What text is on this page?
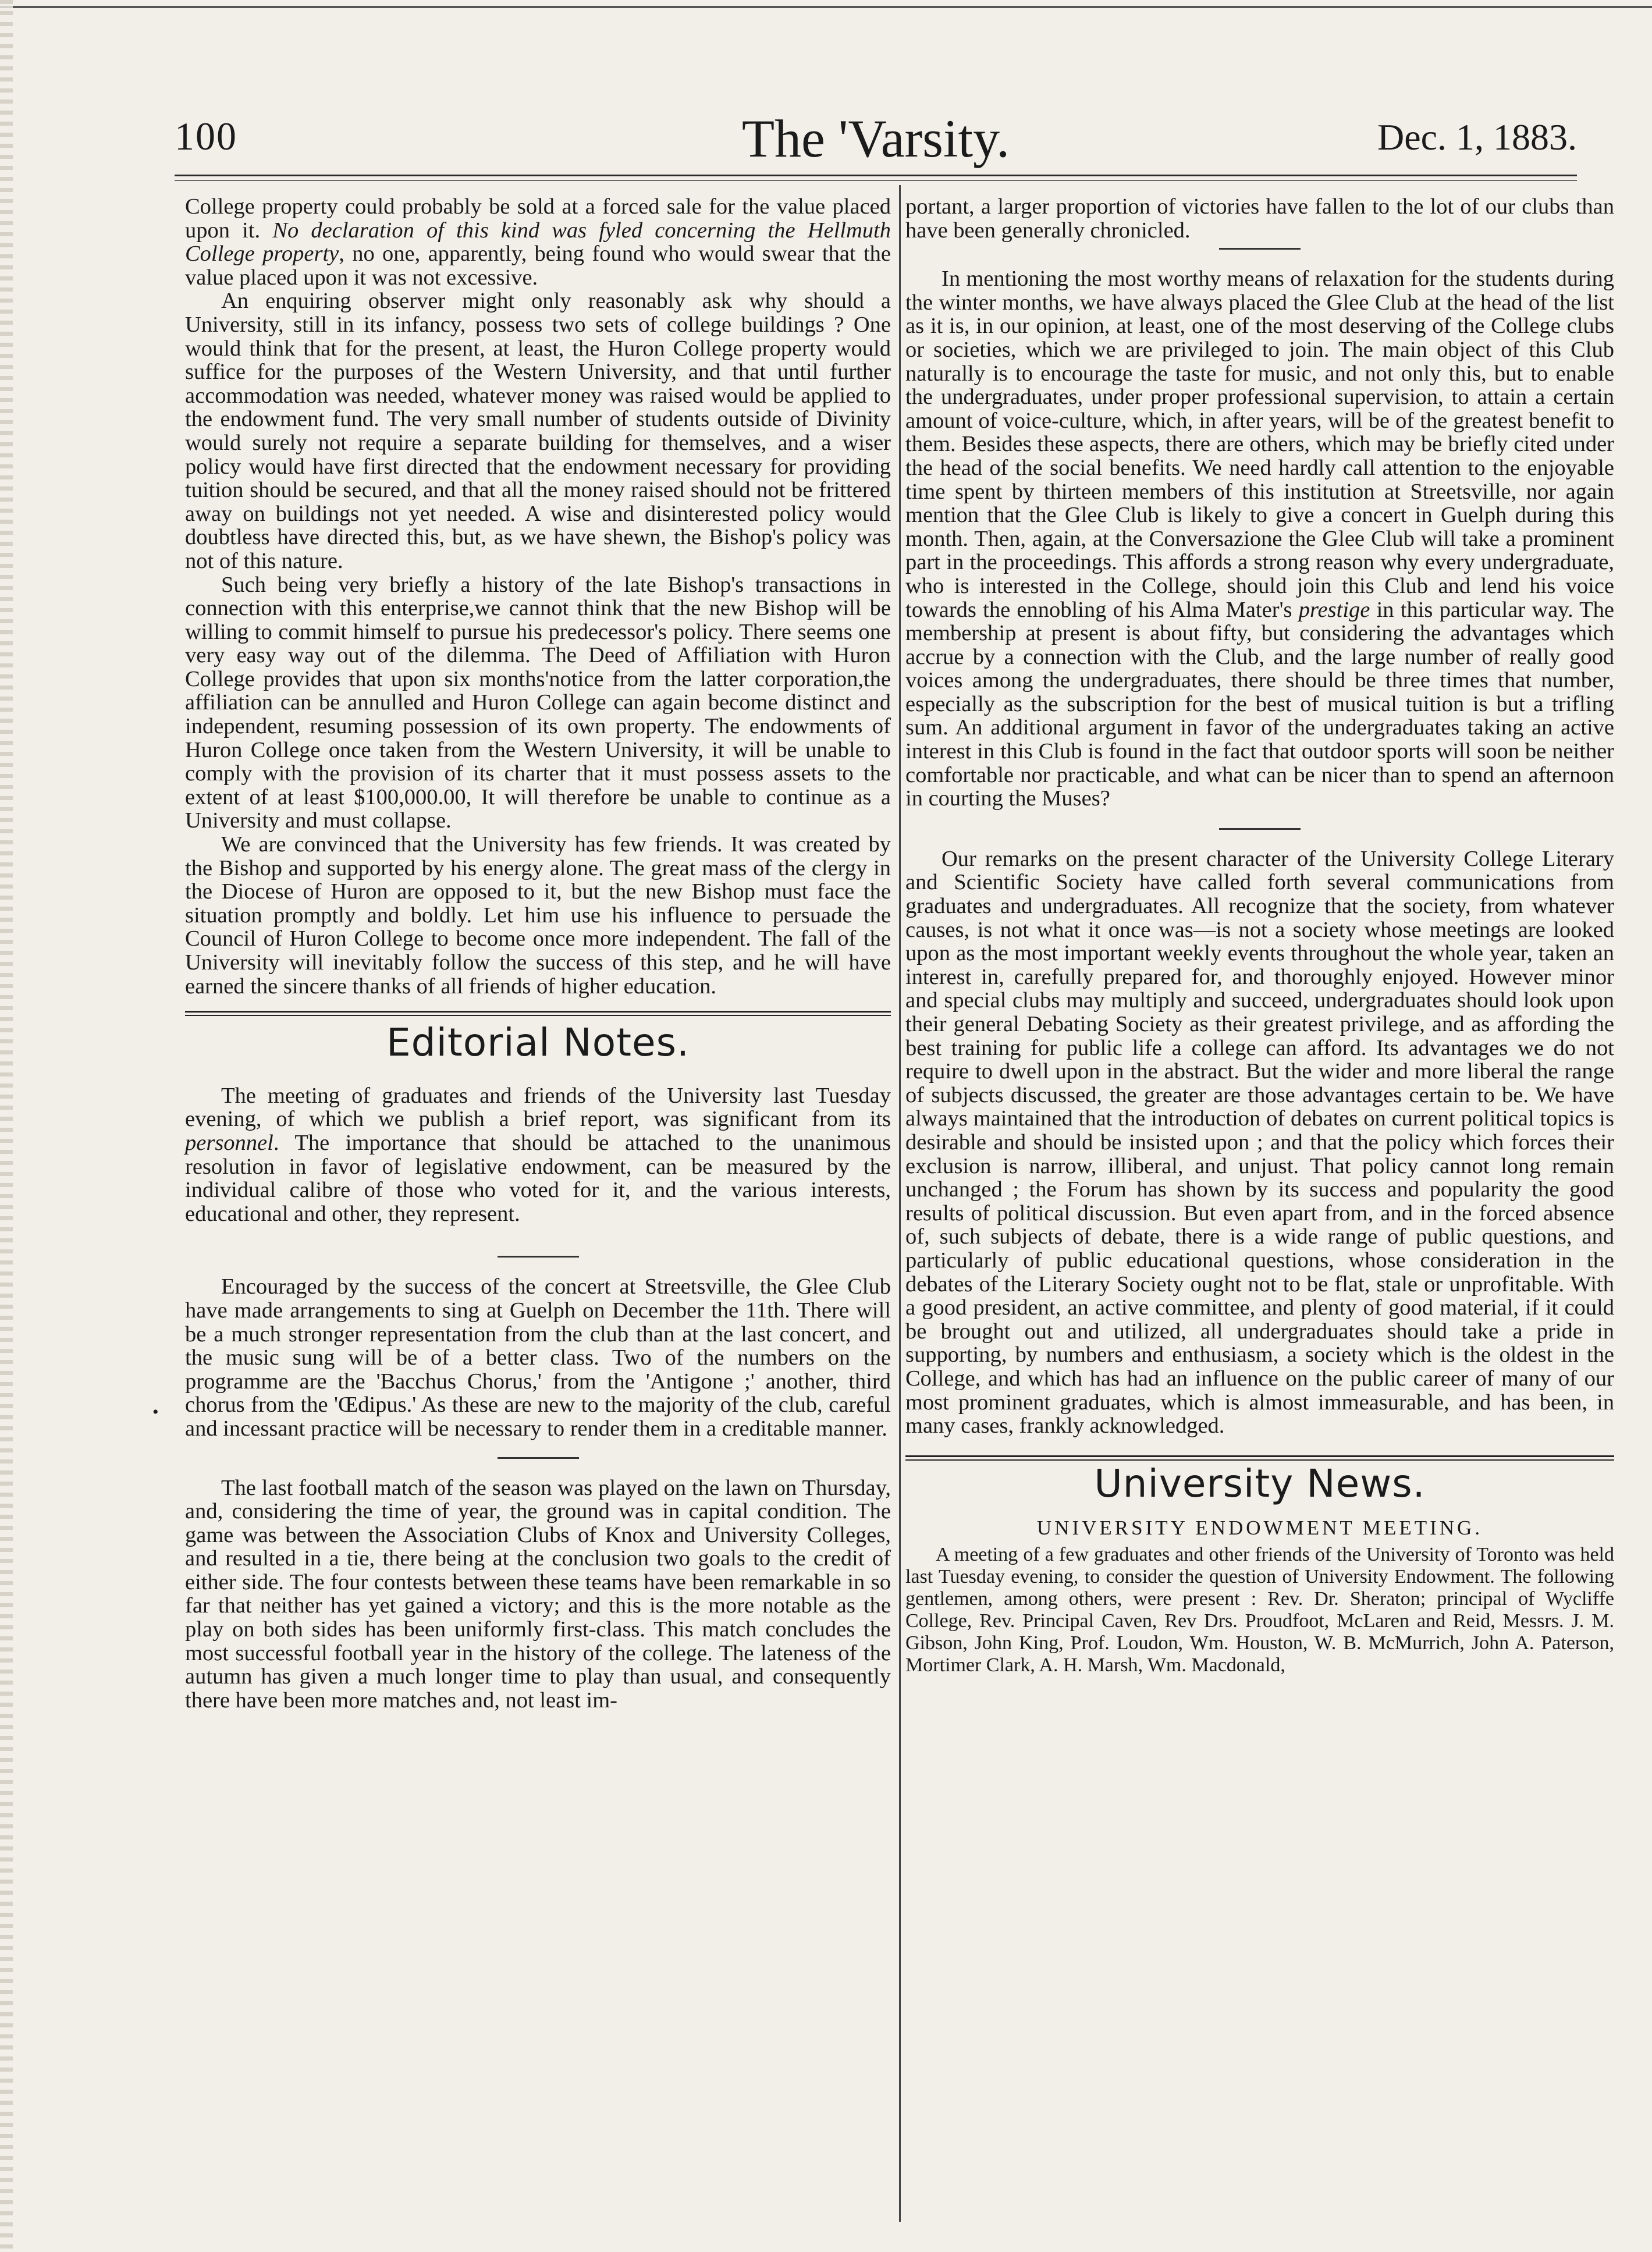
100	The 'Varsity.	Dec. 1, 1883.

College property could probably be sold at a forced sale for the value placed upon it. No declaration of this kind was fyled concerning the Hellmuth College property, no one, apparently, being found who would swear that the value placed upon it was not excessive.

An enquiring observer might only reasonably ask why should a University, still in its infancy, possess two sets of college buildings ? One would think that for the present, at least, the Huron College property would suffice for the purposes of the Western University, and that until further accommodation was needed, whatever money was raised would be applied to the endowment fund. The very small number of students outside of Divinity would surely not require a separate building for themselves, and a wiser policy would have first directed that the endowment necessary for providing tuition should be secured, and that all the money raised should not be frittered away on buildings not yet needed. A wise and disinterested policy would doubtless have directed this, but, as we have shewn, the Bishop's policy was not of this nature.

Such being very briefly a history of the late Bishop's transactions in connection with this enterprise,we cannot think that the new Bishop will be willing to commit himself to pursue his predecessor's policy. There seems one very easy way out of the dilemma. The Deed of Affiliation with Huron College provides that upon six months'notice from the latter corporation,the affiliation can be annulled and Huron College can again become distinct and independent, resuming possession of its own property. The endowments of Huron College once taken from the Western University, it will be unable to comply with the provision of its charter that it must possess assets to the extent of at least $100,000.00, It will therefore be unable to continue as a University and must collapse.

We are convinced that the University has few friends. It was created by the Bishop and supported by his energy alone. The great mass of the clergy in the Diocese of Huron are opposed to it, but the new Bishop must face the situation promptly and boldly. Let him use his influence to persuade the Council of Huron College to become once more independent. The fall of the University will inevitably follow the success of this step, and he will have earned the sincere thanks of all friends of higher education.

Editorial Notes.

The meeting of graduates and friends of the University last Tuesday evening, of which we publish a brief report, was significant from its personnel. The importance that should be attached to the unanimous resolution in favor of legislative endowment, can be measured by the individual calibre of those who voted for it, and the various interests, educational and other, they represent.

Encouraged by the success of the concert at Streetsville, the Glee Club have made arrangements to sing at Guelph on December the 11th. There will be a much stronger representation from the club than at the last concert, and the music sung will be of a better class. Two of the numbers on the programme are the 'Bacchus Chorus,' from the 'Antigone ;' another, third chorus from the 'Œdipus.' As these are new to the majority of the club, careful and incessant practice will be necessary to render them in a creditable manner.

The last football match of the season was played on the lawn on Thursday, and, considering the time of year, the ground was in capital condition. The game was between the Association Clubs of Knox and University Colleges, and resulted in a tie, there being at the conclusion two goals to the credit of either side. The four contests between these teams have been remarkable in so far that neither has yet gained a victory; and this is the more notable as the play on both sides has been uniformly first-class. This match concludes the most successful football year in the history of the college. The lateness of the autumn has given a much longer time to play than usual, and consequently there have been more matches and, not least im-

portant, a larger proportion of victories have fallen to the lot of our clubs than have been generally chronicled.

In mentioning the most worthy means of relaxation for the students during the winter months, we have always placed the Glee Club at the head of the list as it is, in our opinion, at least, one of the most deserving of the College clubs or societies, which we are privileged to join. The main object of this Club naturally is to encourage the taste for music, and not only this, but to enable the undergraduates, under proper professional supervision, to attain a certain amount of voice-culture, which, in after years, will be of the greatest benefit to them. Besides these aspects, there are others, which may be briefly cited under the head of the social benefits. We need hardly call attention to the enjoyable time spent by thirteen members of this institution at Streetsville, nor again mention that the Glee Club is likely to give a concert in Guelph during this month. Then, again, at the Conversazione the Glee Club will take a prominent part in the proceedings. This affords a strong reason why every undergraduate, who is interested in the College, should join this Club and lend his voice towards the ennobling of his Alma Mater's prestige in this particular way. The membership at present is about fifty, but considering the advantages which accrue by a connection with the Club, and the large number of really good voices among the undergraduates, there should be three times that number, especially as the subscription for the best of musical tuition is but a trifling sum. An additional argument in favor of the undergraduates taking an active interest in this Club is found in the fact that outdoor sports will soon be neither comfortable nor practicable, and what can be nicer than to spend an afternoon in courting the Muses?

Our remarks on the present character of the University College Literary and Scientific Society have called forth several communications from graduates and undergraduates. All recognize that the society, from whatever causes, is not what it once was—is not a society whose meetings are looked upon as the most important weekly events throughout the whole year, taken an interest in, carefully prepared for, and thoroughly enjoyed. However minor and special clubs may multiply and succeed, undergraduates should look upon their general Debating Society as their greatest privilege, and as affording the best training for public life a college can afford. Its advantages we do not require to dwell upon in the abstract. But the wider and more liberal the range of subjects discussed, the greater are those advantages certain to be. We have always maintained that the introduction of debates on current political topics is desirable and should be insisted upon ; and that the policy which forces their exclusion is narrow, illiberal, and unjust. That policy cannot long remain unchanged ; the Forum has shown by its success and popularity the good results of political discussion. But even apart from, and in the forced absence of, such subjects of debate, there is a wide range of public questions, and particularly of public educational questions, whose consideration in the debates of the Literary Society ought not to be flat, stale or unprofitable. With a good president, an active committee, and plenty of good material, if it could be brought out and utilized, all undergraduates should take a pride in supporting, by numbers and enthusiasm, a society which is the oldest in the College, and which has had an influence on the public career of many of our most prominent graduates, which is almost immeasurable, and has been, in many cases, frankly acknowledged.

University News.
UNIVERSITY ENDOWMENT MEETING.

A meeting of a few graduates and other friends of the University of Toronto was held last Tuesday evening, to consider the question of University Endowment. The following gentlemen, among others, were present : Rev. Dr. Sheraton; principal of Wycliffe College, Rev. Principal Caven, Rev Drs. Proudfoot, McLaren and Reid, Messrs. J. M. Gibson, John King, Prof. Loudon, Wm. Houston, W. B. McMurrich, John A. Paterson, Mortimer Clark, A. H. Marsh, Wm. Macdonald,

•
